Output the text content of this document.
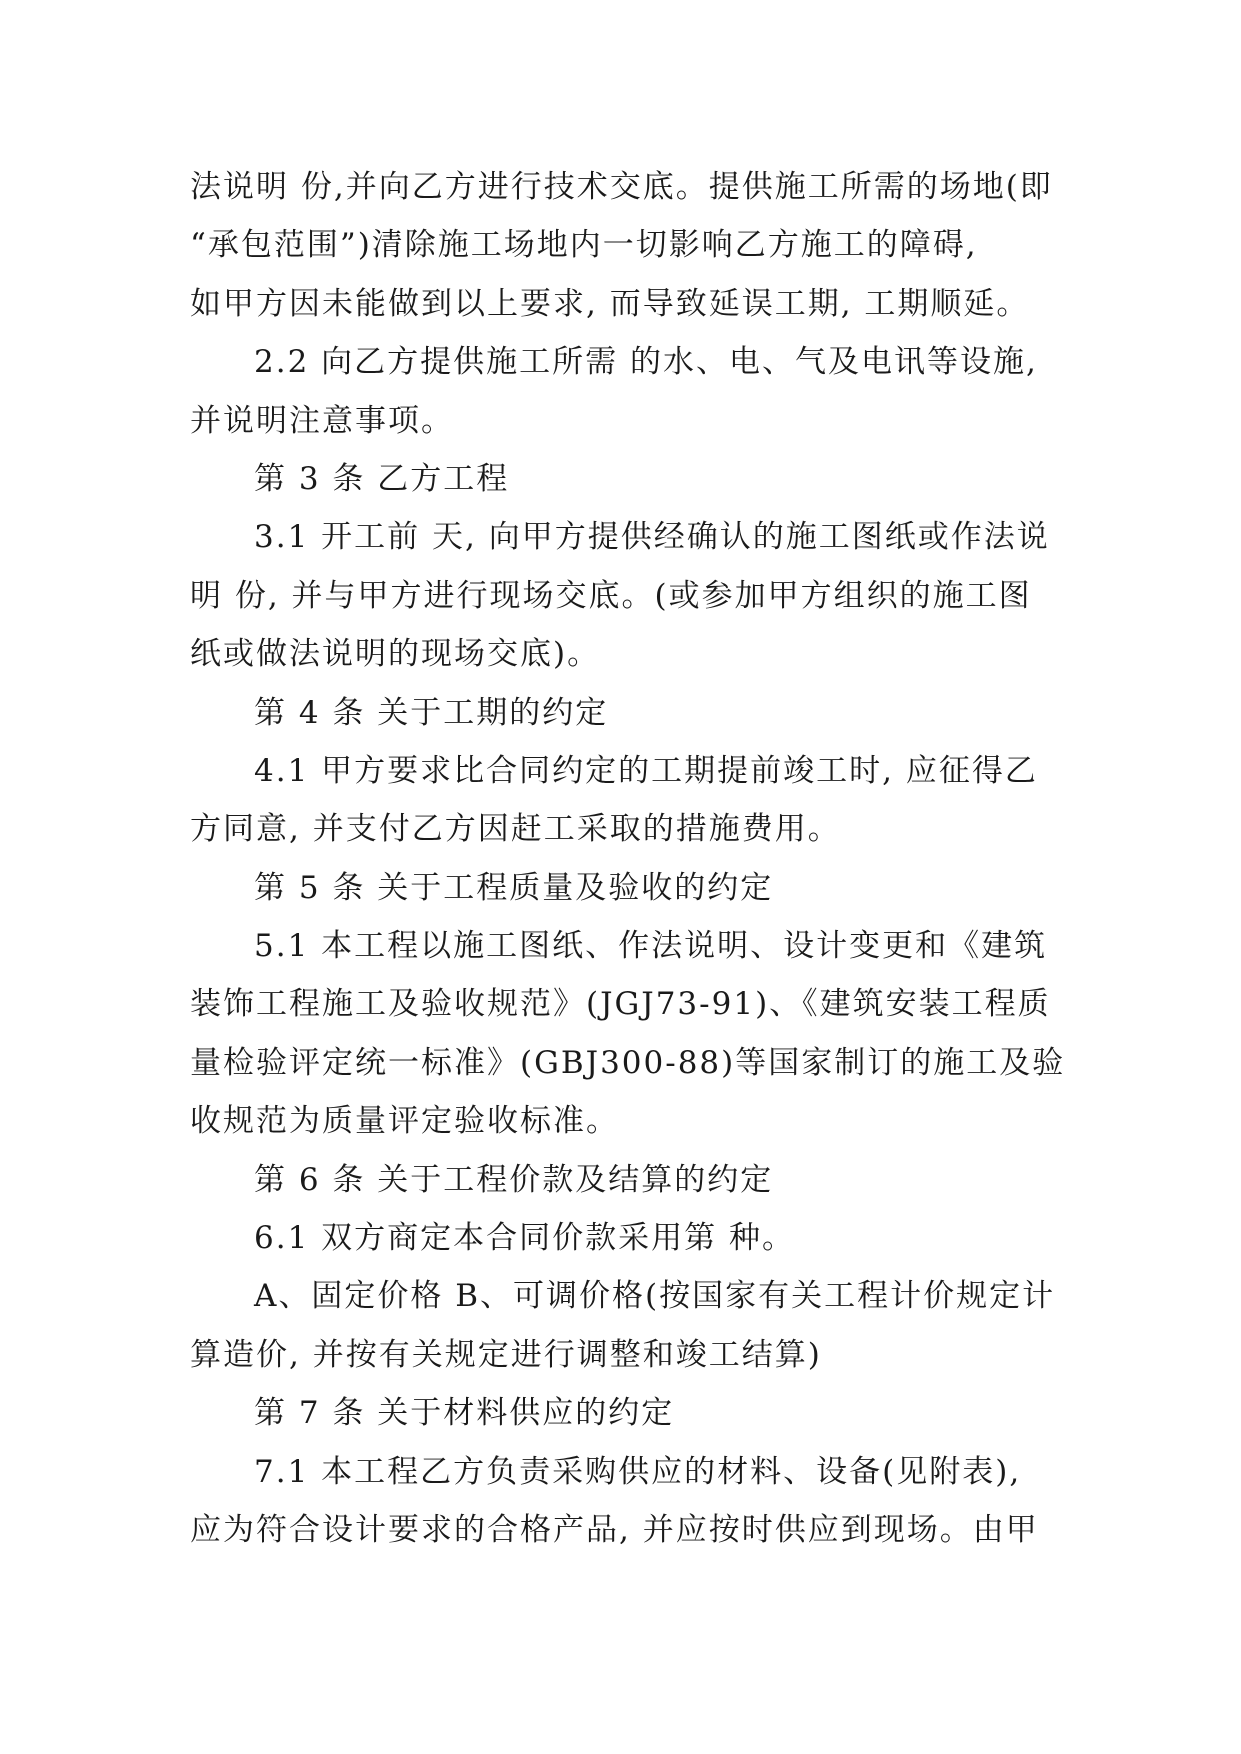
法说明 份,并向乙方进行技术交底。提供施工所需的场地(即
“承包范围”)清除施工场地内一切影响乙方施工的障碍,
如甲方因未能做到以上要求, 而导致延误工期, 工期顺延。
2.2 向乙方提供施工所需 的水、电、气及电讯等设施,
并说明注意事项。
第 3 条 乙方工程
3.1 开工前 天, 向甲方提供经确认的施工图纸或作法说
明 份, 并与甲方进行现场交底。(或参加甲方组织的施工图
纸或做法说明的现场交底)。
第 4 条 关于工期的约定
4.1 甲方要求比合同约定的工期提前竣工时, 应征得乙
方同意, 并支付乙方因赶工采取的措施费用。
第 5 条 关于工程质量及验收的约定
5.1 本工程以施工图纸、作法说明、设计变更和《建筑
装饰工程施工及验收规范》(JGJ73-91)、《建筑安装工程质
量检验评定统一标准》(GBJ300-88)等国家制订的施工及验
收规范为质量评定验收标准。
第 6 条 关于工程价款及结算的约定
6.1 双方商定本合同价款采用第 种。
A、固定价格 B、可调价格(按国家有关工程计价规定计
算造价, 并按有关规定进行调整和竣工结算)
第 7 条 关于材料供应的约定
7.1 本工程乙方负责采购供应的材料、设备(见附表),
应为符合设计要求的合格产品, 并应按时供应到现场。由甲
